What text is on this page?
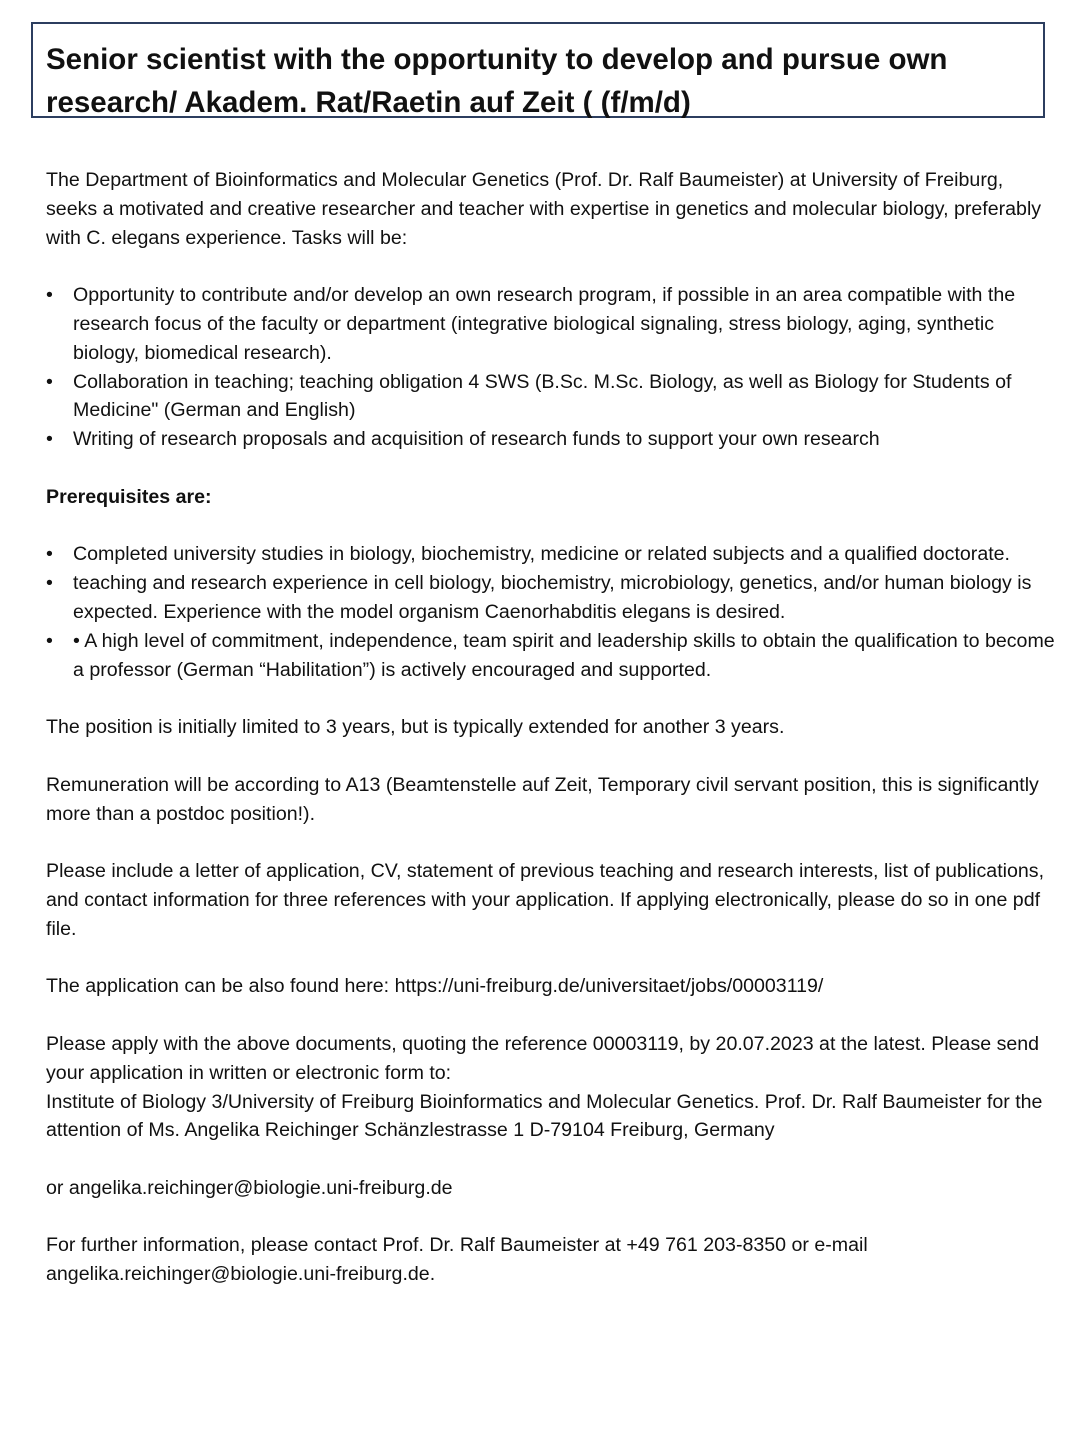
Senior scientist with the opportunity to develop and pursue own
research/ Akadem. Rat/Raetin auf Zeit ( (f/m/d)

The Department of Bioinformatics and Molecular Genetics (Prof. Dr. Ralf Baumeister) at University of Freiburg, seeks a motivated and creative researcher and teacher with expertise in genetics and molecular biology, preferably with C. elegans experience. Tasks will be:

• Opportunity to contribute and/or develop an own research program, if possible in an area compatible with the research focus of the faculty or department (integrative biological signaling, stress biology, aging, synthetic biology, biomedical research).
• Collaboration in teaching; teaching obligation 4 SWS (B.Sc. M.Sc. Biology, as well as Biology for Students of Medicine" (German and English)
• Writing of research proposals and acquisition of research funds to support your own research

Prerequisites are:

• Completed university studies in biology, biochemistry, medicine or related subjects and a qualified doctorate.
• teaching and research experience in cell biology, biochemistry, microbiology, genetics, and/or human biology is expected. Experience with the model organism Caenorhabditis elegans is desired.
• • A high level of commitment, independence, team spirit and leadership skills to obtain the qualification to become a professor (German “Habilitation”) is actively encouraged and supported.

The position is initially limited to 3 years, but is typically extended for another 3 years.

Remuneration will be according to A13 (Beamtenstelle auf Zeit, Temporary civil servant position, this is significantly more than a postdoc position!).

Please include a letter of application, CV, statement of previous teaching and research interests, list of publications, and contact information for three references with your application. If applying electronically, please do so in one pdf file.

The application can be also found here: https://uni-freiburg.de/universitaet/jobs/00003119/

Please apply with the above documents, quoting the reference 00003119, by 20.07.2023 at the latest. Please send your application in written or electronic form to:

Institute of Biology 3/University of Freiburg Bioinformatics and Molecular Genetics. Prof. Dr. Ralf Baumeister for the attention of Ms. Angelika Reichinger Schänzlestrasse 1 D-79104 Freiburg, Germany

or angelika.reichinger@biologie.uni-freiburg.de

For further information, please contact Prof. Dr. Ralf Baumeister at +49 761 203-8350 or e-mail angelika.reichinger@biologie.uni-freiburg.de.
